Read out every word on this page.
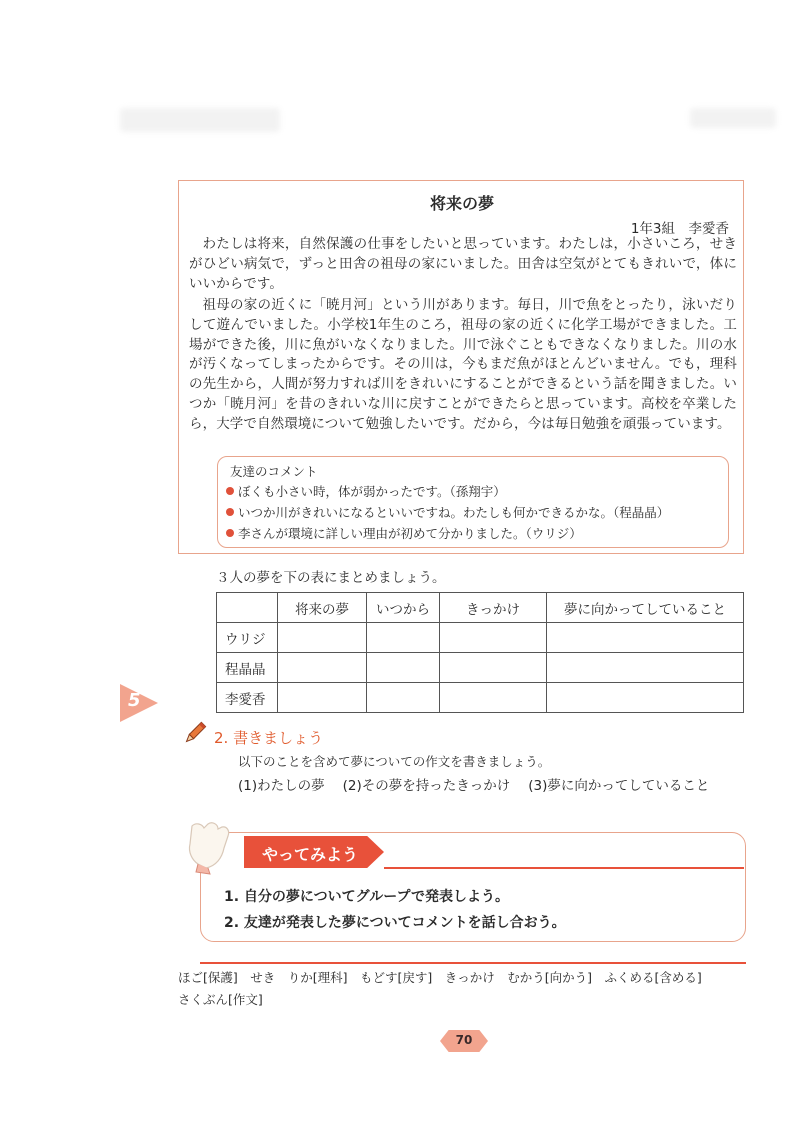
将来の夢
1年3組　李愛香

わたしは将来，自然保護の仕事をしたいと思っています。わたしは，小さいころ，せきがひどい病気で，ずっと田舎の祖母の家にいました。田舎は空気がとてもきれいで，体にいいからです。

祖母の家の近くに「暁月河」という川があります。毎日，川で魚をとったり，泳いだりして遊んでいました。小学校1年生のころ，祖母の家の近くに化学工場ができました。工場ができた後，川に魚がいなくなりました。川で泳ぐこともできなくなりました。川の水が汚くなってしまったからです。その川は，今もまだ魚がほとんどいません。でも，理科の先生から，人間が努力すれば川をきれいにすることができるという話を聞きました。いつか「暁月河」を昔のきれいな川に戻すことができたらと思っています。高校を卒業したら，大学で自然環境について勉強したいです。だから，今は毎日勉強を頑張っています。

友達のコメント
ぼくも小さい時，体が弱かったです。（孫翔宇）
いつか川がきれいになるといいですね。わたしも何かできるかな。（程晶晶）
李さんが環境に詳しい理由が初めて分かりました。（ウリジ）
３人の夢を下の表にまとめましょう。
	将来の夢	いつから	きっかけ	夢に向かってしていること
ウリジ				
程晶晶				
李愛香				
5
2. 書きましょう
以下のことを含めて夢についての作文を書きましょう。
(1)わたしの夢 (2)その夢を持ったきっかけ (3)夢に向かってしていること
やってみよう
1. 自分の夢についてグループで発表しよう。
2. 友達が発表した夢についてコメントを話し合おう。
ほご[保護]　せき　りか[理科]　もどす[戻す]　きっかけ　むかう[向かう]　ふくめる[含める]
さくぶん[作文]
70
